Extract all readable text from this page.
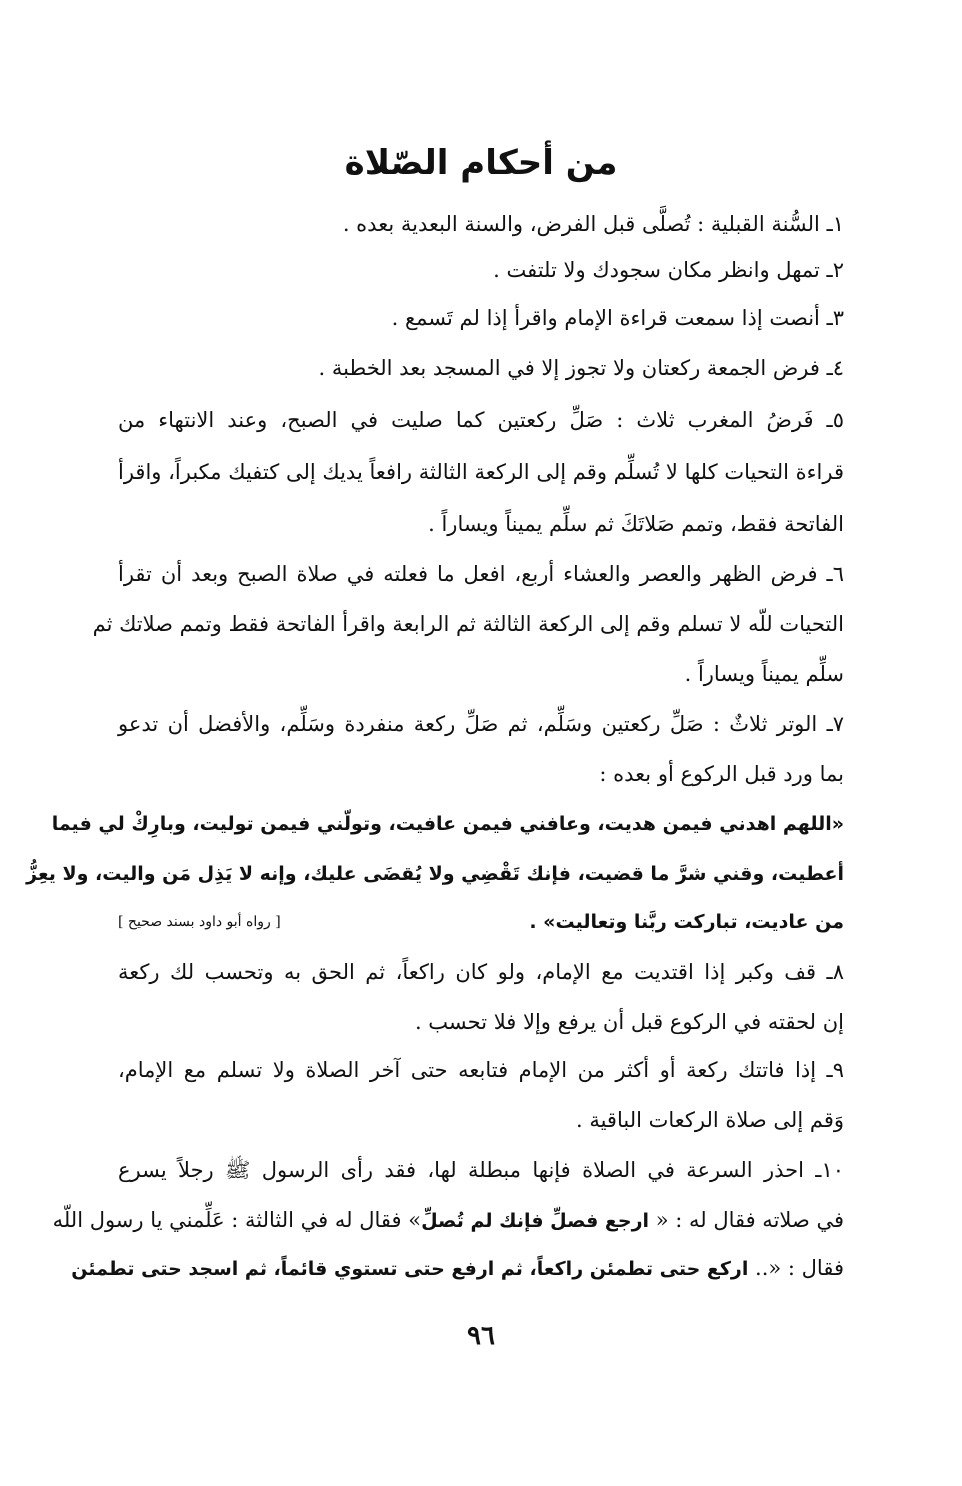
من أحكام الصّلاة
١ـ السُّنة القبلية : تُصلَّى قبل الفرض، والسنة البعدية بعده .
٢ـ تمهل وانظر مكان سجودك ولا تلتفت .
٣ـ أنصت إذا سمعت قراءة الإمام واقرأ إذا لم تَسمع .
٤ـ فرض الجمعة ركعتان ولا تجوز إلا في المسجد بعد الخطبة .
٥ـ فَرضُ المغرب ثلاث : صَلِّ ركعتين كما صليت في الصبح، وعند الانتهاء من
قراءة التحيات كلها لا تُسلِّم وقم إلى الركعة الثالثة رافعاً يديك إلى كتفيك مكبراً، واقرأ
الفاتحة فقط، وتمم صَلاتَكَ ثم سلِّم يميناً ويساراً .
٦ـ فرض الظهر والعصر والعشاء أربع، افعل ما فعلته في صلاة الصبح وبعد أن تقرأ
التحيات للّه لا تسلم وقم إلى الركعة الثالثة ثم الرابعة واقرأ الفاتحة فقط وتمم صلاتك ثم
سلِّم يميناً ويساراً .
٧ـ الوتر ثلاثٌ : صَلِّ ركعتين وسَلِّم، ثم صَلِّ ركعة منفردة وسَلِّم، والأفضل أن تدعو
بما ورد قبل الركوع أو بعده :
«اللهم اهدني فيمن هديت، وعافني فيمن عافيت، وتولّني فيمن توليت، وبارِكْ لي فيما
أعطيت، وقني شرَّ ما قضيت، فإنك تَقْضِي ولا يُقضَى عليك، وإنه لا يَذِل مَن واليت، ولا يعِزُّ
من عاديت، تباركت ربَّنا وتعاليت» .
[ رواه أبو داود بسند صحيح ]
٨ـ قف وكبر إذا اقتديت مع الإمام، ولو كان راكعاً، ثم الحق به وتحسب لك ركعة
إن لحقته في الركوع قبل أن يرفع وإلا فلا تحسب .
٩ـ إذا فاتتك ركعة أو أكثر من الإمام فتابعه حتى آخر الصلاة ولا تسلم مع الإمام،
وَقم إلى صلاة الركعات الباقية .
١٠ـ احذر السرعة في الصلاة فإنها مبطلة لها، فقد رأى الرسول ﷺ رجلاً يسرع
في صلاته فقال له : « ارجع فصلِّ فإنك لم تُصلِّ» فقال له في الثالثة : عَلِّمني يا رسول اللّه
فقال : «.. اركع حتى تطمئن راكعاً، ثم ارفع حتى تستوي قائماً، ثم اسجد حتى تطمئن
٩٦
